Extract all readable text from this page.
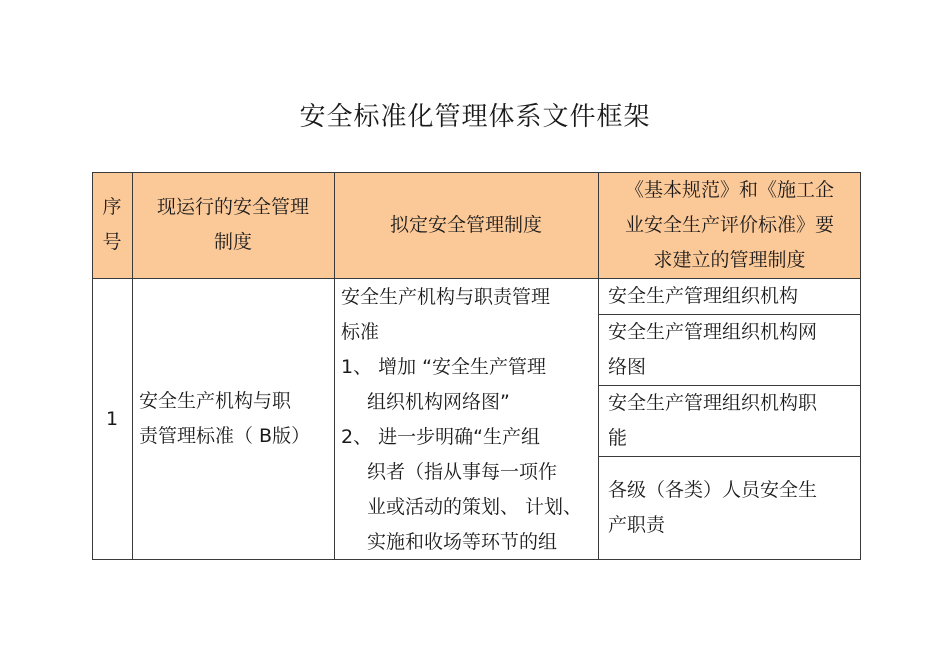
安全标准化管理体系文件框架
序
号
现运行的安全管理
制度
拟定安全管理制度
《基本规范》和《施工企
业安全生产评价标准》要
求建立的管理制度
1
安全生产机构与职
责管理标准（ B版）
安全生产机构与职责管理
标准
1、 增加 “安全生产管理
组织机构网络图”
2、 进一步明确“生产组
织者（指从事每一项作
业或活动的策划、 计划、
实施和收场等环节的组
安全生产管理组织机构
安全生产管理组织机构网
络图
安全生产管理组织机构职
能
各级（各类）人员安全生
产职责
